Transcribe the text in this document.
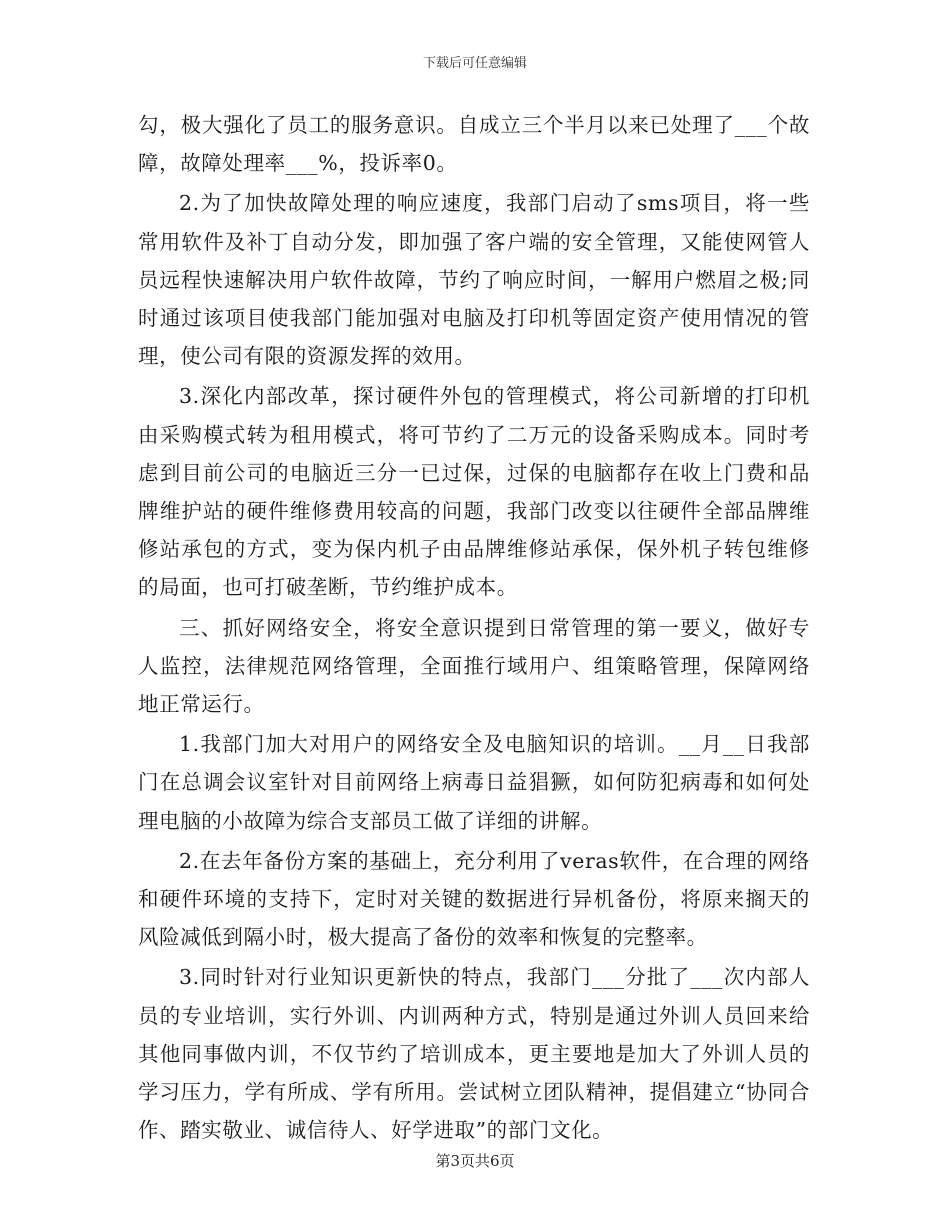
下载后可任意编辑

勾，极大强化了员工的服务意识。自成立三个半月以来已处理了___个故障，故障处理率___%，投诉率0。

2.为了加快故障处理的响应速度，我部门启动了sms项目，将一些常用软件及补丁自动分发，即加强了客户端的安全管理，又能使网管人员远程快速解决用户软件故障，节约了响应时间，一解用户燃眉之极;同时通过该项目使我部门能加强对电脑及打印机等固定资产使用情况的管理，使公司有限的资源发挥的效用。

3.深化内部改革，探讨硬件外包的管理模式，将公司新增的打印机由采购模式转为租用模式，将可节约了二万元的设备采购成本。同时考虑到目前公司的电脑近三分一已过保，过保的电脑都存在收上门费和品牌维护站的硬件维修费用较高的问题，我部门改变以往硬件全部品牌维修站承包的方式，变为保内机子由品牌维修站承保，保外机子转包维修的局面，也可打破垄断，节约维护成本。

三、抓好网络安全，将安全意识提到日常管理的第一要义，做好专人监控，法律规范网络管理，全面推行域用户、组策略管理，保障网络地正常运行。

1.我部门加大对用户的网络安全及电脑知识的培训。__月__日我部门在总调会议室针对目前网络上病毒日益猖獗，如何防犯病毒和如何处理电脑的小故障为综合支部员工做了详细的讲解。

2.在去年备份方案的基础上，充分利用了veras软件，在合理的网络和硬件环境的支持下，定时对关键的数据进行异机备份，将原来搁天的风险减低到隔小时，极大提高了备份的效率和恢复的完整率。

3.同时针对行业知识更新快的特点，我部门___分批了___次内部人员的专业培训，实行外训、内训两种方式，特别是通过外训人员回来给其他同事做内训，不仅节约了培训成本，更主要地是加大了外训人员的学习压力，学有所成、学有所用。尝试树立团队精神，提倡建立“协同合作、踏实敬业、诚信待人、好学进取”的部门文化。

第3页共6页
